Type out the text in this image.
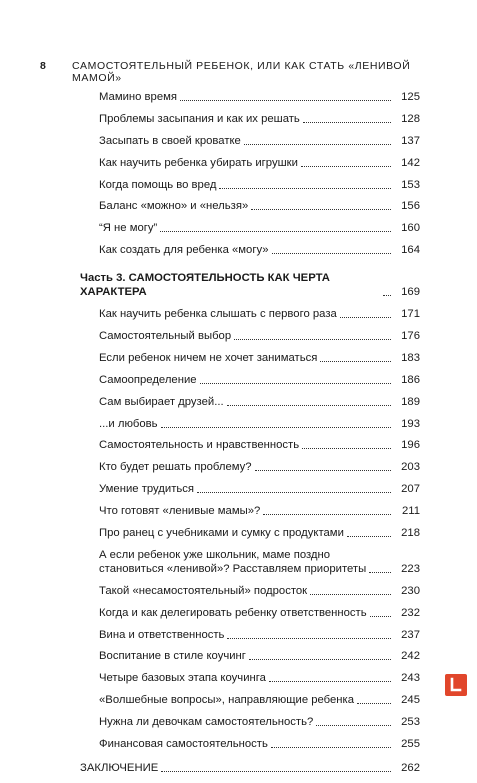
8 САМОСТОЯТЕЛЬНЫЙ РЕБЕНОК, ИЛИ КАК СТАТЬ «ЛЕНИВОЙ МАМОЙ»
Мамино время	125
Проблемы засыпания и как их решать	128
Засыпать в своей кроватке	137
Как научить ребенка убирать игрушки	142
Когда помощь во вред	153
Баланс «можно» и «нельзя»	156
“Я не могу”	160
Как создать для ребенка «могу»	164
Часть 3. САМОСТОЯТЕЛЬНОСТЬ КАК ЧЕРТА ХАРАКТЕРА	169
Как научить ребенка слышать с первого раза	171
Самостоятельный выбор	176
Если ребенок ничем не хочет заниматься	183
Самоопределение	186
Сам выбирает друзей...	189
...и любовь	193
Самостоятельность и нравственность	196
Кто будет решать проблему?	203
Умение трудиться	207
Что готовят «ленивые мамы»?	211
Про ранец с учебниками и сумку с продуктами	218
А если ребенок уже школьник, маме поздно
становиться «ленивой»? Расставляем приоритеты	223
Такой «несамостоятельный» подросток	230
Когда и как делегировать ребенку ответственность	232
Вина и ответственность	237
Воспитание в стиле коучинг	242
Четыре базовых этапа коучинга	243
«Волшебные вопросы», направляющие ребенка	245
Нужна ли девочкам самостоятельность?	253
Финансовая самостоятельность	255
ЗАКЛЮЧЕНИЕ	262
